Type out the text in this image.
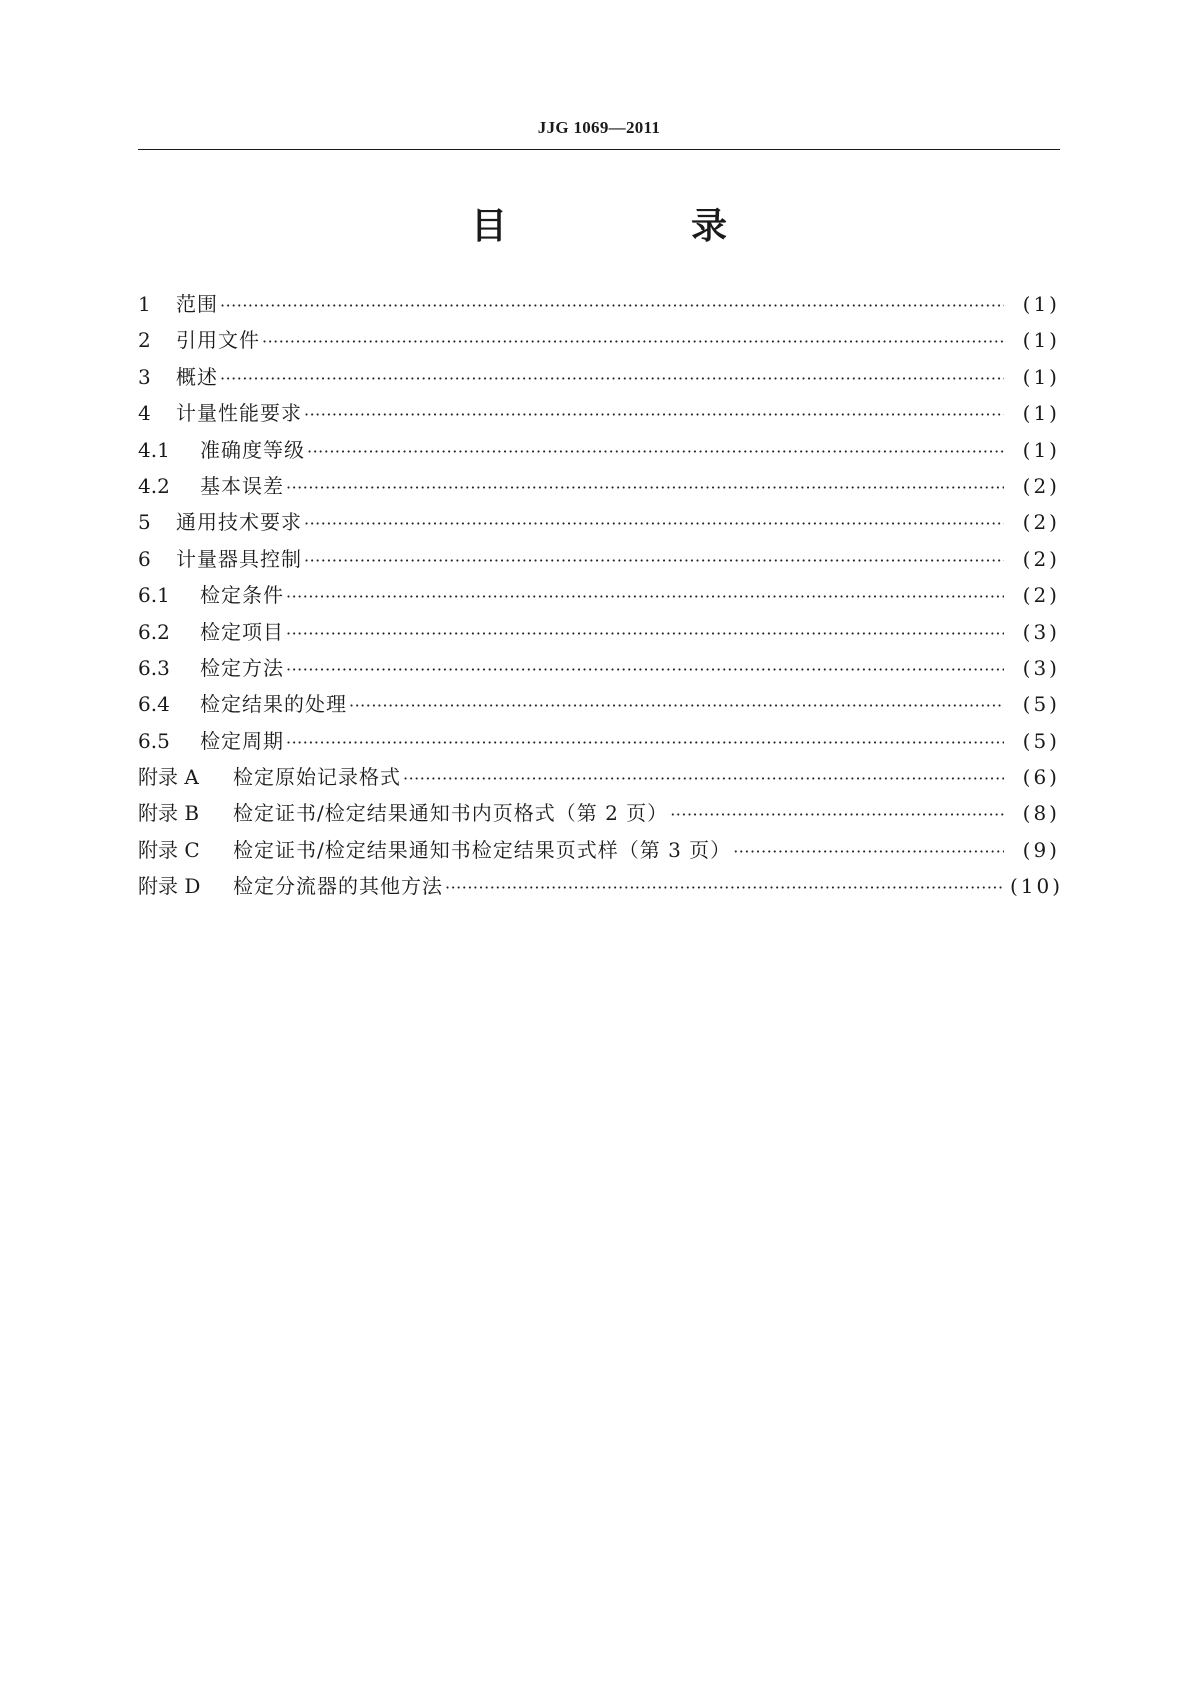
JJG 1069—2011
目　录
1	范围 ·····	(1)
2	引用文件 ·····	(1)
3	概述 ·····	(1)
4	计量性能要求 ·····	(1)
4.1	准确度等级 ·····	(1)
4.2	基本误差 ·····	(2)
5	通用技术要求 ·····	(2)
6	计量器具控制 ·····	(2)
6.1	检定条件 ·····	(2)
6.2	检定项目 ·····	(3)
6.3	检定方法 ·····	(3)
6.4	检定结果的处理 ·····	(5)
6.5	检定周期 ·····	(5)
附录 A	检定原始记录格式 ·····	(6)
附录 B	检定证书/检定结果通知书内页格式（第 2 页） ·····	(8)
附录 C	检定证书/检定结果通知书检定结果页式样（第 3 页） ·····	(9)
附录 D	检定分流器的其他方法 ·····	(10)
